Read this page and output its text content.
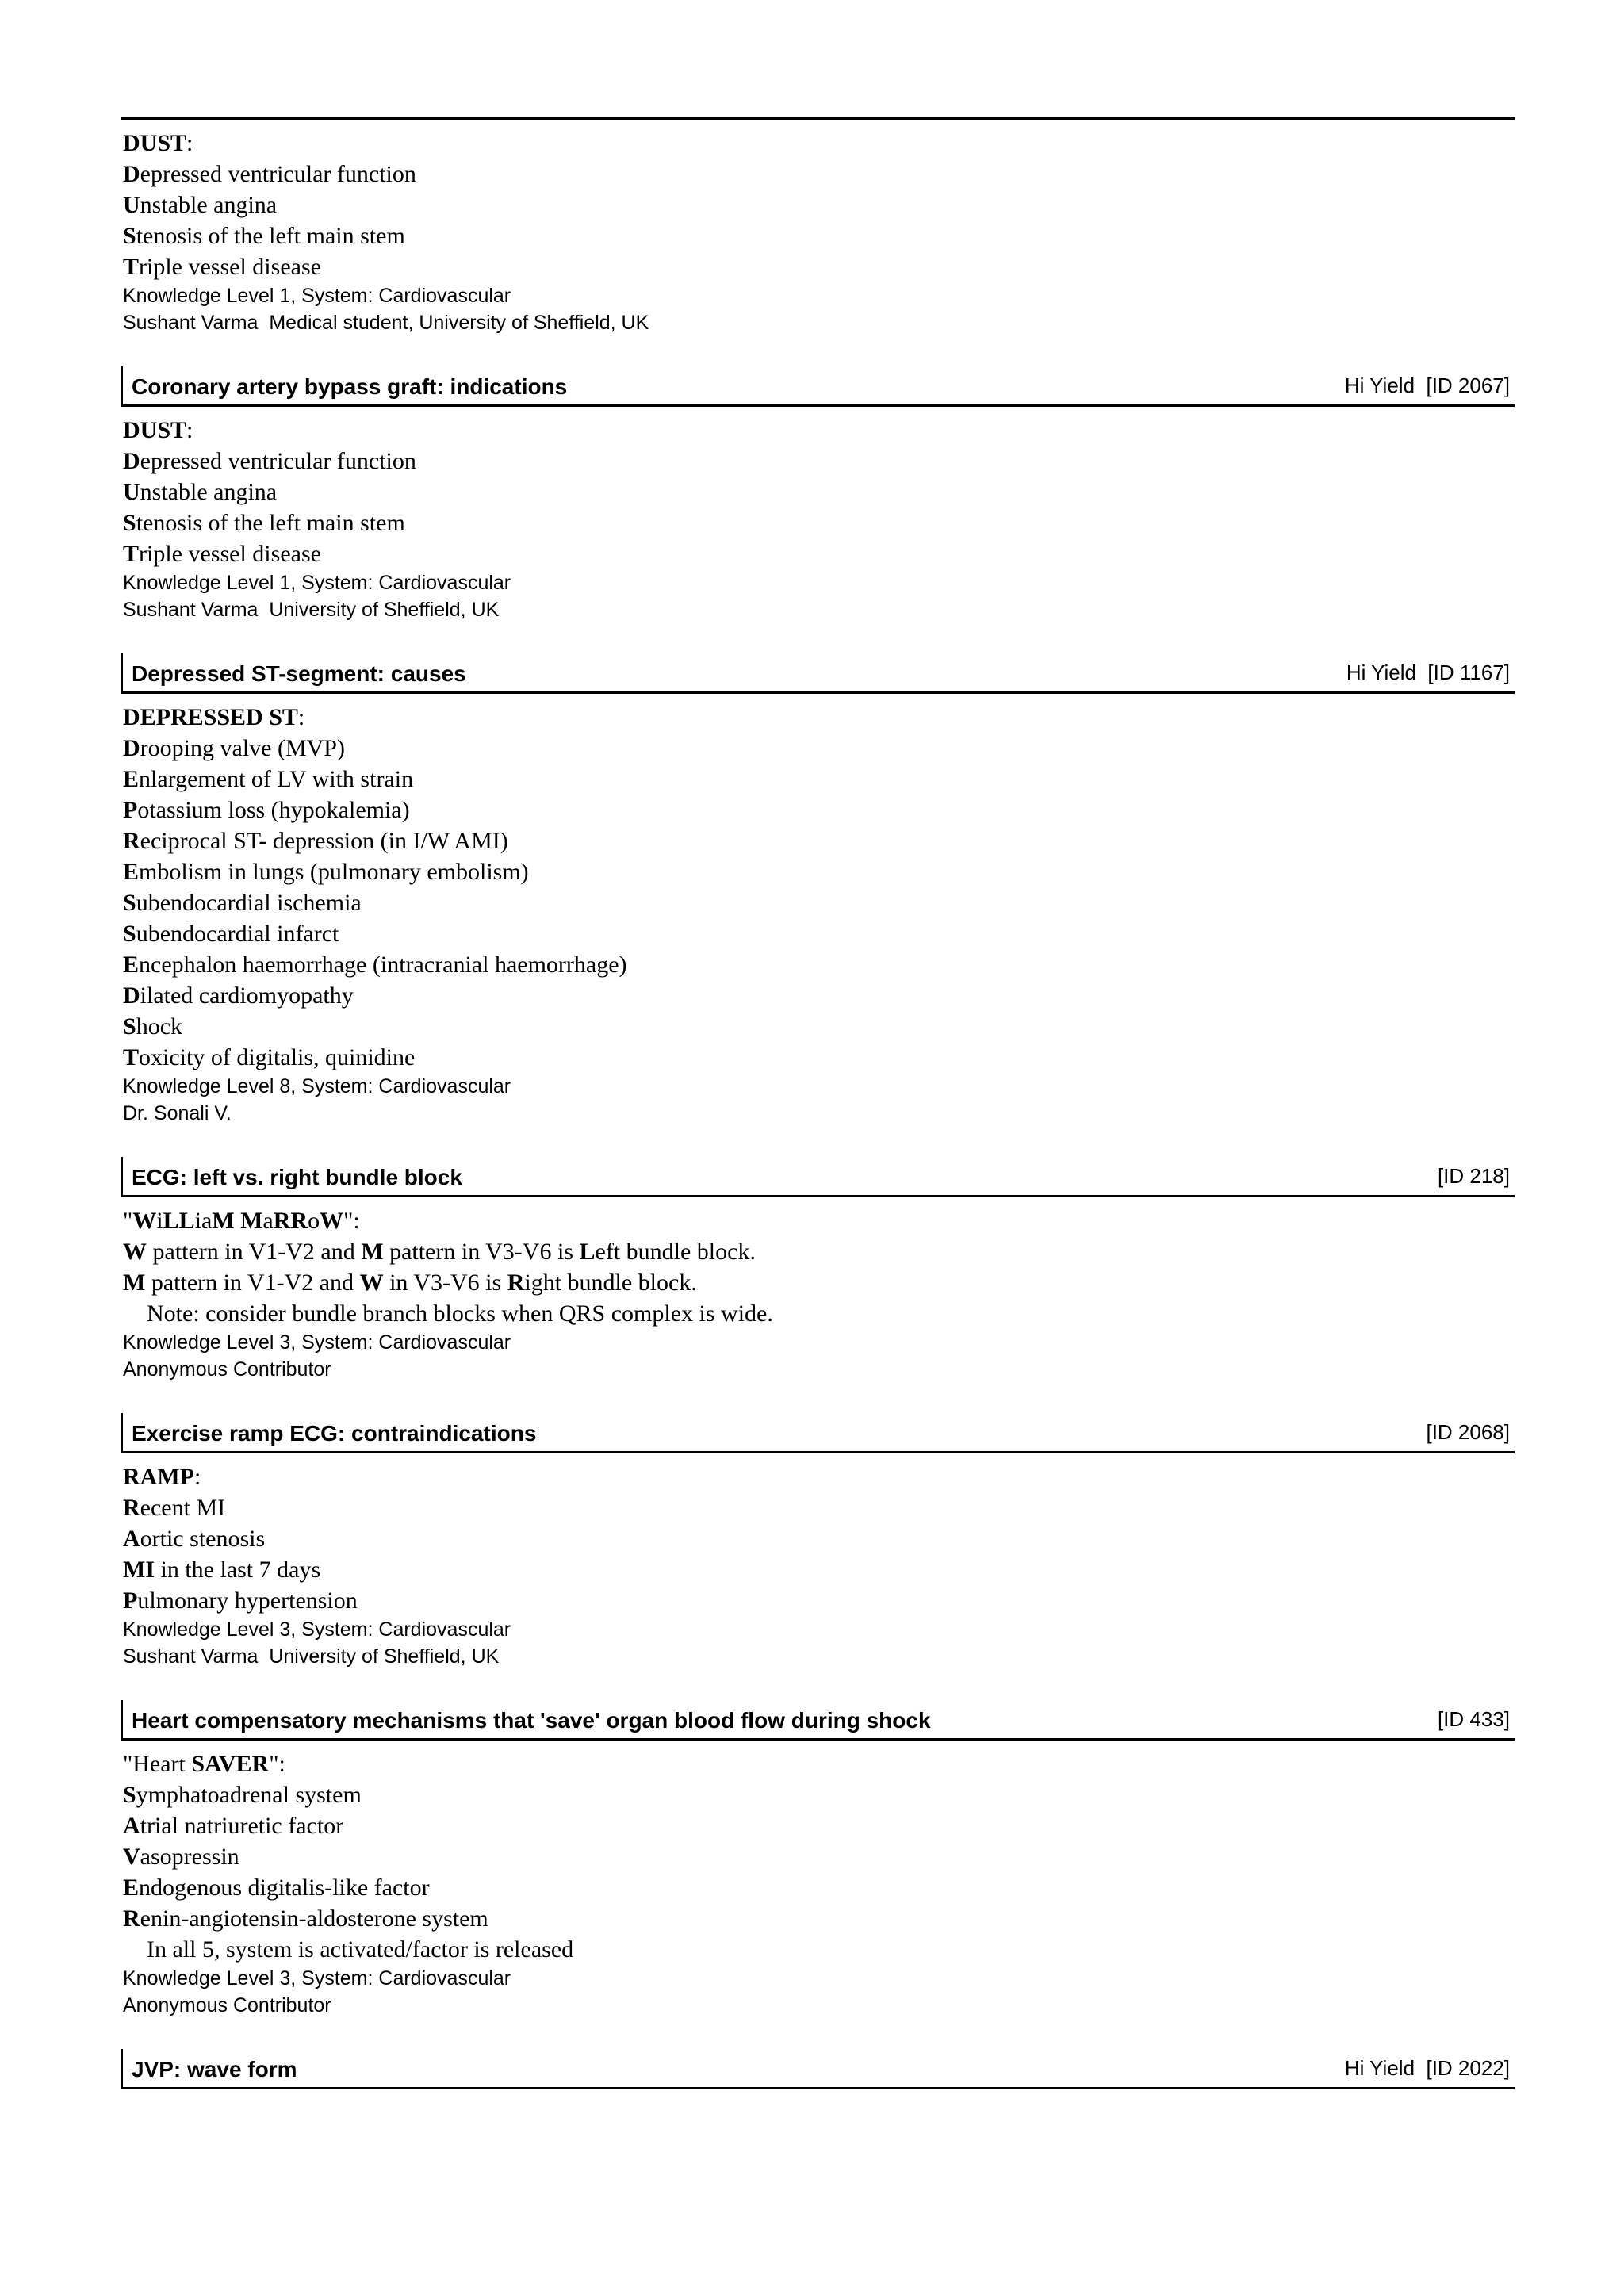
DUST:
Depressed ventricular function
Unstable angina
Stenosis of the left main stem
Triple vessel disease
Knowledge Level 1, System: Cardiovascular
Sushant Varma  Medical student, University of Sheffield, UK
Coronary artery bypass graft: indications	Hi Yield  [ID 2067]
DUST:
Depressed ventricular function
Unstable angina
Stenosis of the left main stem
Triple vessel disease
Knowledge Level 1, System: Cardiovascular
Sushant Varma  University of Sheffield, UK
Depressed ST-segment: causes	Hi Yield  [ID 1167]
DEPRESSED ST:
Drooping valve (MVP)
Enlargement of LV with strain
Potassium loss (hypokalemia)
Reciprocal ST- depression (in I/W AMI)
Embolism in lungs (pulmonary embolism)
Subendocardial ischemia
Subendocardial infarct
Encephalon haemorrhage (intracranial haemorrhage)
Dilated cardiomyopathy
Shock
Toxicity of digitalis, quinidine
Knowledge Level 8, System: Cardiovascular
Dr. Sonali V.
ECG: left vs. right bundle block	[ID 218]
"WiLLiaM MaRRoW":
W pattern in V1-V2 and M pattern in V3-V6 is Left bundle block.
M pattern in V1-V2 and W in V3-V6 is Right bundle block.
Note: consider bundle branch blocks when QRS complex is wide.
Knowledge Level 3, System: Cardiovascular
Anonymous Contributor
Exercise ramp ECG: contraindications	[ID 2068]
RAMP:
Recent MI
Aortic stenosis
MI in the last 7 days
Pulmonary hypertension
Knowledge Level 3, System: Cardiovascular
Sushant Varma  University of Sheffield, UK
Heart compensatory mechanisms that 'save' organ blood flow during shock	[ID 433]
"Heart SAVER":
Symphatoadrenal system
Atrial natriuretic factor
Vasopressin
Endogenous digitalis-like factor
Renin-angiotensin-aldosterone system
In all 5, system is activated/factor is released
Knowledge Level 3, System: Cardiovascular
Anonymous Contributor
JVP: wave form	Hi Yield  [ID 2022]
